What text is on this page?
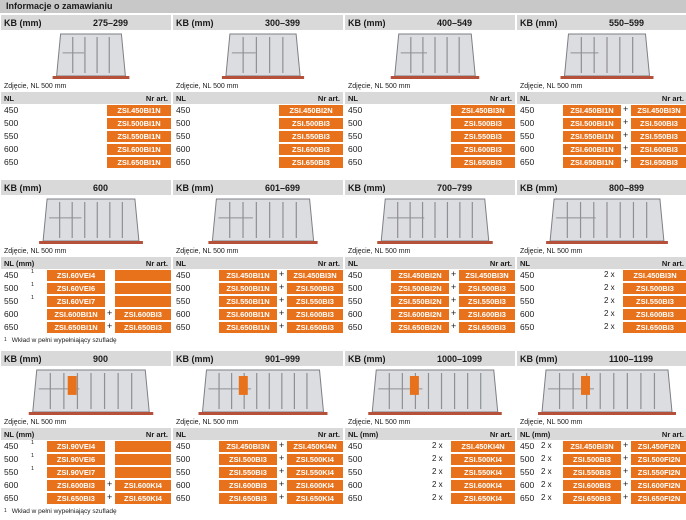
Informacje o zamawianiu
KB (mm)	275–299
Zdjęcie, NL 500 mm
NL	Nr art.
450	ZSI.450BI1N
500	ZSI.500BI1N
550	ZSI.550BI1N
600	ZSI.600BI1N
650	ZSI.650BI1N
KB (mm)	300–399
Zdjęcie, NL 500 mm
NL	Nr art.
450	ZSI.450BI2N
500	ZSI.500BI3
550	ZSI.550BI3
600	ZSI.600BI3
650	ZSI.650BI3
KB (mm)	400–549
Zdjęcie, NL 500 mm
NL	Nr art.
450	ZSI.450BI3N
500	ZSI.500BI3
550	ZSI.550BI3
600	ZSI.600BI3
650	ZSI.650BI3
KB (mm)	550–599
Zdjęcie, NL 500 mm
NL	Nr art.
450	ZSI.450BI1N	+	ZSI.450BI3N
500	ZSI.500BI1N	+	ZSI.500BI3
550	ZSI.550BI1N	+	ZSI.550BI3
600	ZSI.600BI1N	+	ZSI.600BI3
650	ZSI.650BI1N	+	ZSI.650BI3
KB (mm)	600
Zdjęcie, NL 500 mm
NL (mm)	Nr art.
450 1	ZSI.60VEI4
500 1	ZSI.60VEI6
550 1	ZSI.60VEI7
600	ZSI.600BI1N	+	ZSI.600BI3
650	ZSI.650BI1N	+	ZSI.650BI3
$^1$ Wkład w pełni wypełniający szufladę
KB (mm)	601–699
Zdjęcie, NL 500 mm
NL	Nr art.
450	ZSI.450BI1N	+	ZSI.450BI3N
500	ZSI.500BI1N	+	ZSI.500BI3
550	ZSI.550BI1N	+	ZSI.550BI3
600	ZSI.600BI1N	+	ZSI.600BI3
650	ZSI.650BI1N	+	ZSI.650BI3
KB (mm)	700–799
Zdjęcie, NL 500 mm
NL	Nr art.
450	ZSI.450BI2N	+	ZSI.450BI3N
500	ZSI.500BI2N	+	ZSI.500BI3
550	ZSI.550BI2N	+	ZSI.550BI3
600	ZSI.600BI2N	+	ZSI.600BI3
650	ZSI.650BI2N	+	ZSI.650BI3
KB (mm)	800–899
Zdjęcie, NL 500 mm
NL	Nr art.
450	2 x	ZSI.450BI3N
500	2 x	ZSI.500BI3
550	2 x	ZSI.550BI3
600	2 x	ZSI.600BI3
650	2 x	ZSI.650BI3
KB (mm)	900
Zdjęcie, NL 500 mm
NL (mm)	Nr art.
450 1	ZSI.90VEI4
500 1	ZSI.90VEI6
550 1	ZSI.90VEI7
600	ZSI.600BI3	+	ZSI.600KI4
650	ZSI.650BI3	+	ZSI.650KI4
$^1$ Wkład w pełni wypełniający szufladę
KB (mm)	901–999
Zdjęcie, NL 500 mm
NL	Nr art.
450	ZSI.450BI3N	+	ZSI.450KI4N
500	ZSI.500BI3	+	ZSI.500KI4
550	ZSI.550BI3	+	ZSI.550KI4
600	ZSI.600BI3	+	ZSI.600KI4
650	ZSI.650BI3	+	ZSI.650KI4
KB (mm)	1000–1099
Zdjęcie, NL 500 mm
NL (mm)	Nr art.
450	2 x	ZSI.450KI4N
500	2 x	ZSI.500KI4
550	2 x	ZSI.550KI4
600	2 x	ZSI.600KI4
650	2 x	ZSI.650KI4
KB (mm)	1100–1199
Zdjęcie, NL 500 mm
NL (mm)	Nr art.
450 2 x	ZSI.450BI3N	+	ZSI.450FI2N
500 2 x	ZSI.500BI3	+	ZSI.500FI2N
550 2 x	ZSI.550BI3	+	ZSI.550FI2N
600 2 x	ZSI.600BI3	+	ZSI.600FI2N
650 2 x	ZSI.650BI3	+	ZSI.650FI2N
